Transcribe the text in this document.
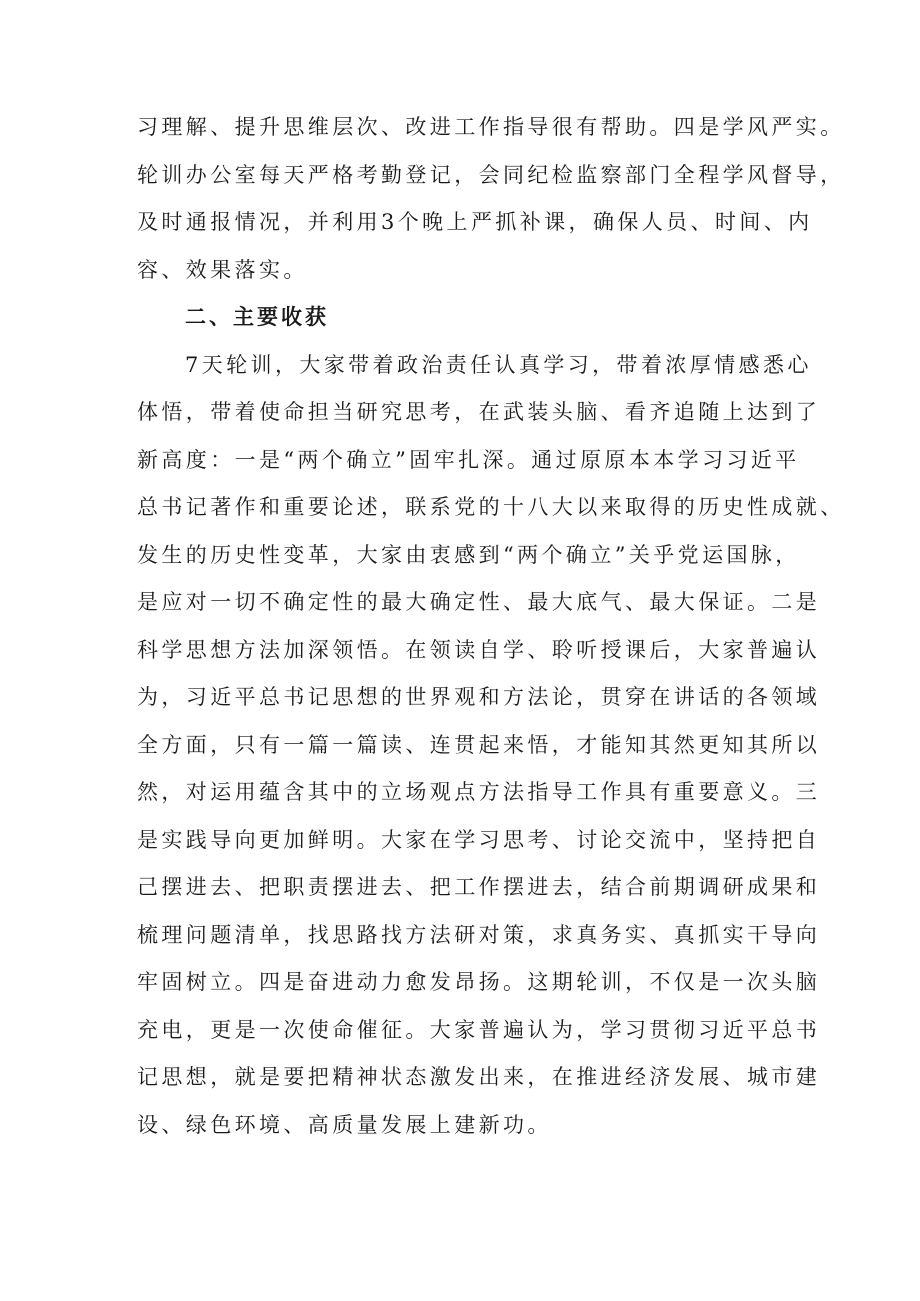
习理解、提升思维层次、改进工作指导很有帮助。四是学风严实。
轮训办公室每天严格考勤登记，会同纪检监察部门全程学风督导，
及时通报情况，并利用3个晚上严抓补课，确保人员、时间、内
容、效果落实。
二、主要收获
7天轮训，大家带着政治责任认真学习，带着浓厚情感悉心
体悟，带着使命担当研究思考，在武装头脑、看齐追随上达到了
新高度：一是“两个确立”固牢扎深。通过原原本本学习习近平
总书记著作和重要论述，联系党的十八大以来取得的历史性成就、
发生的历史性变革，大家由衷感到“两个确立”关乎党运国脉，
是应对一切不确定性的最大确定性、最大底气、最大保证。二是
科学思想方法加深领悟。在领读自学、聆听授课后，大家普遍认
为，习近平总书记思想的世界观和方法论，贯穿在讲话的各领域
全方面，只有一篇一篇读、连贯起来悟，才能知其然更知其所以
然，对运用蕴含其中的立场观点方法指导工作具有重要意义。三
是实践导向更加鲜明。大家在学习思考、讨论交流中，坚持把自
己摆进去、把职责摆进去、把工作摆进去，结合前期调研成果和
梳理问题清单，找思路找方法研对策，求真务实、真抓实干导向
牢固树立。四是奋进动力愈发昂扬。这期轮训，不仅是一次头脑
充电，更是一次使命催征。大家普遍认为，学习贯彻习近平总书
记思想，就是要把精神状态激发出来，在推进经济发展、城市建
设、绿色环境、高质量发展上建新功。
